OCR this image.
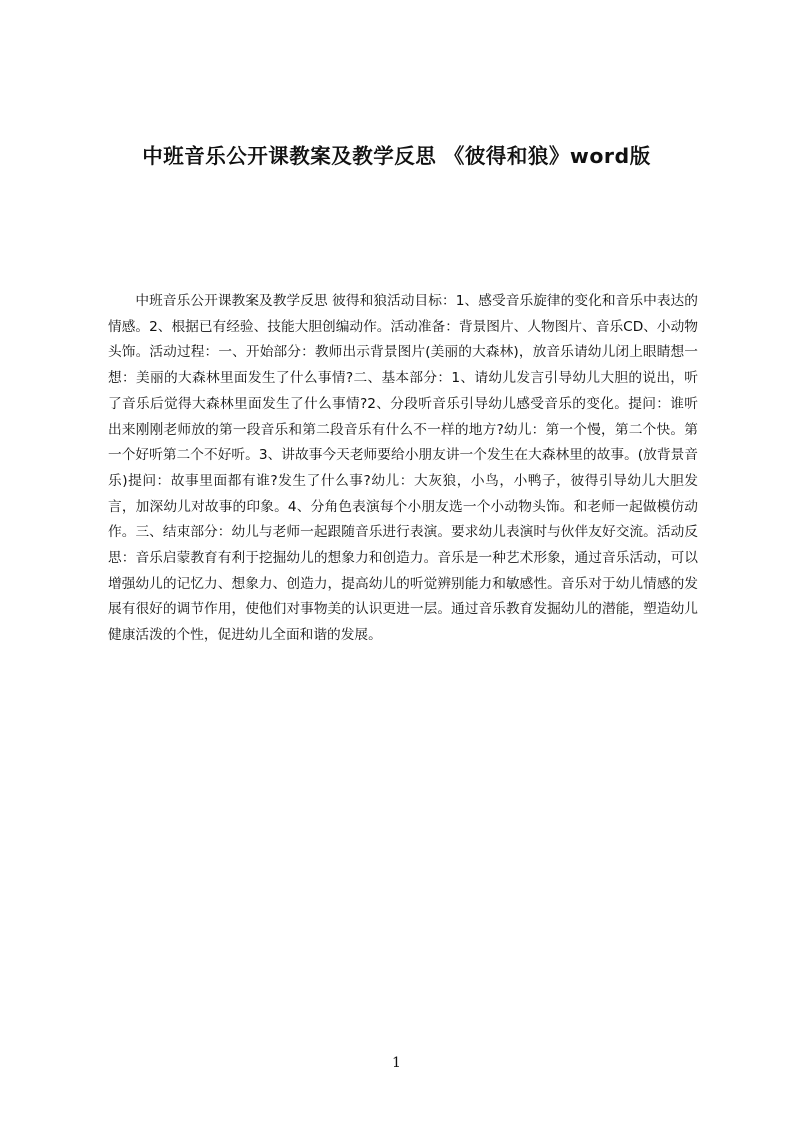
中班音乐公开课教案及教学反思 《彼得和狼》word版
中班音乐公开课教案及教学反思 彼得和狼活动目标：1、感受音乐旋律的变化和音乐中表达的情感。2、根据已有经验、技能大胆创编动作。活动准备：背景图片、人物图片、音乐CD、小动物头饰。活动过程：一、开始部分：教师出示背景图片(美丽的大森林)，放音乐请幼儿闭上眼睛想一想：美丽的大森林里面发生了什么事情?二、基本部分：1、请幼儿发言引导幼儿大胆的说出，听了音乐后觉得大森林里面发生了什么事情?2、分段听音乐引导幼儿感受音乐的变化。提问：谁听出来刚刚老师放的第一段音乐和第二段音乐有什么不一样的地方?幼儿：第一个慢，第二个快。第一个好听第二个不好听。3、讲故事今天老师要给小朋友讲一个发生在大森林里的故事。(放背景音乐)提问：故事里面都有谁?发生了什么事?幼儿：大灰狼，小鸟，小鸭子，彼得引导幼儿大胆发言，加深幼儿对故事的印象。4、分角色表演每个小朋友选一个小动物头饰。和老师一起做模仿动作。三、结束部分：幼儿与老师一起跟随音乐进行表演。要求幼儿表演时与伙伴友好交流。活动反思：音乐启蒙教育有利于挖掘幼儿的想象力和创造力。音乐是一种艺术形象，通过音乐活动，可以增强幼儿的记忆力、想象力、创造力，提高幼儿的听觉辨别能力和敏感性。音乐对于幼儿情感的发展有很好的调节作用，使他们对事物美的认识更进一层。通过音乐教育发掘幼儿的潜能，塑造幼儿健康活泼的个性，促进幼儿全面和谐的发展。
1
